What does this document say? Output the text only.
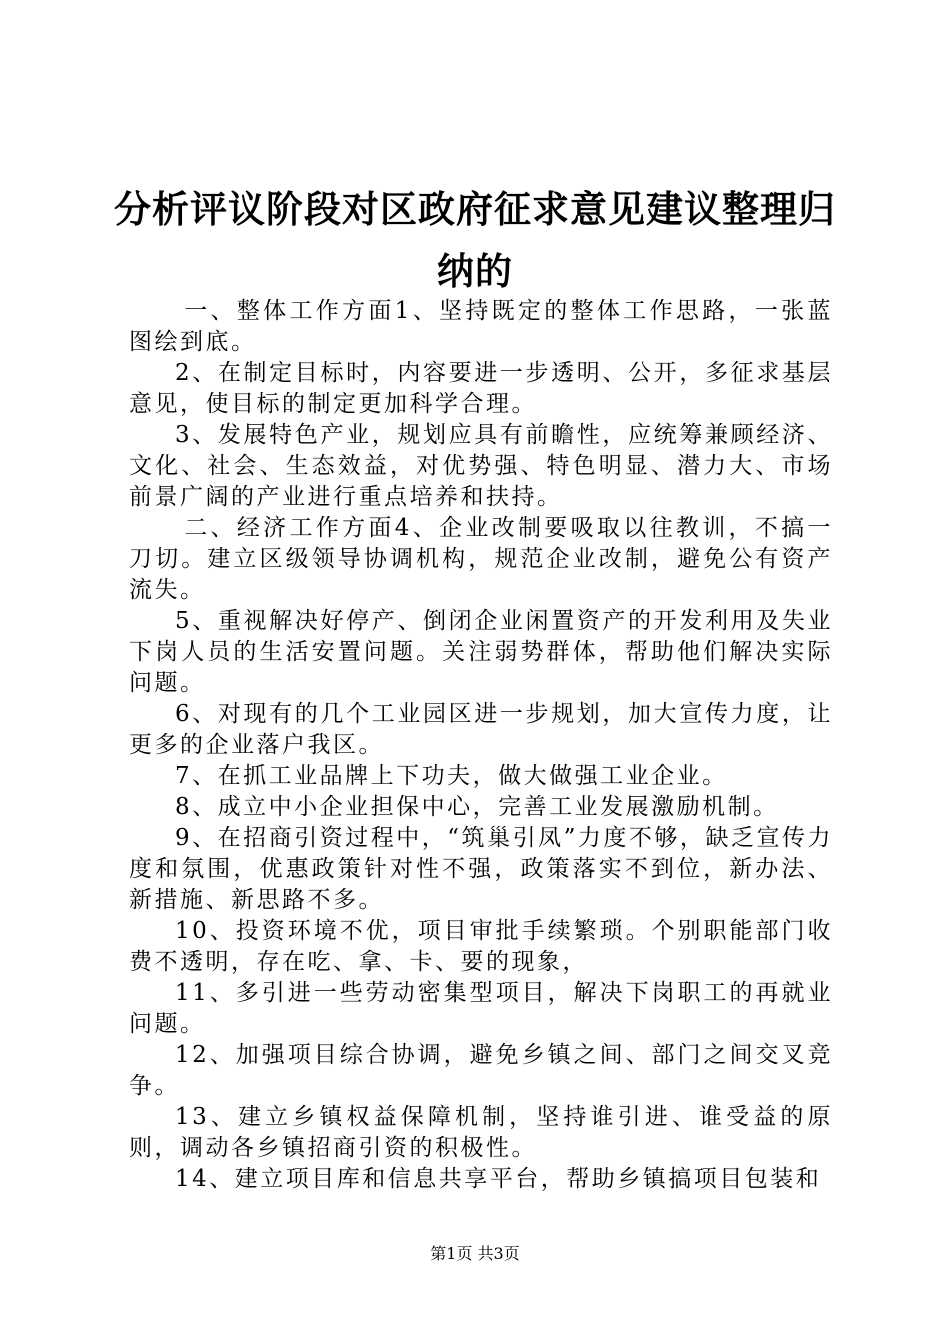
分析评议阶段对区政府征求意见建议整理归纳的

一、整体工作方面1、坚持既定的整体工作思路，一张蓝图绘到底。

2、在制定目标时，内容要进一步透明、公开，多征求基层意见，使目标的制定更加科学合理。

3、发展特色产业，规划应具有前瞻性，应统筹兼顾经济、文化、社会、生态效益，对优势强、特色明显、潜力大、市场前景广阔的产业进行重点培养和扶持。

二、经济工作方面4、企业改制要吸取以往教训，不搞一刀切。建立区级领导协调机构，规范企业改制，避免公有资产流失。

5、重视解决好停产、倒闭企业闲置资产的开发利用及失业下岗人员的生活安置问题。关注弱势群体，帮助他们解决实际问题。

6、对现有的几个工业园区进一步规划，加大宣传力度，让更多的企业落户我区。

7、在抓工业品牌上下功夫，做大做强工业企业。

8、成立中小企业担保中心，完善工业发展激励机制。

9、在招商引资过程中，“筑巢引凤”力度不够，缺乏宣传力度和氛围，优惠政策针对性不强，政策落实不到位，新办法、新措施、新思路不多。

10、投资环境不优，项目审批手续繁琐。个别职能部门收费不透明，存在吃、拿、卡、要的现象，

11、多引进一些劳动密集型项目，解决下岗职工的再就业问题。

12、加强项目综合协调，避免乡镇之间、部门之间交叉竞争。

13、建立乡镇权益保障机制，坚持谁引进、谁受益的原则，调动各乡镇招商引资的积极性。

14、建立项目库和信息共享平台，帮助乡镇搞项目包装和

第1页 共3页
